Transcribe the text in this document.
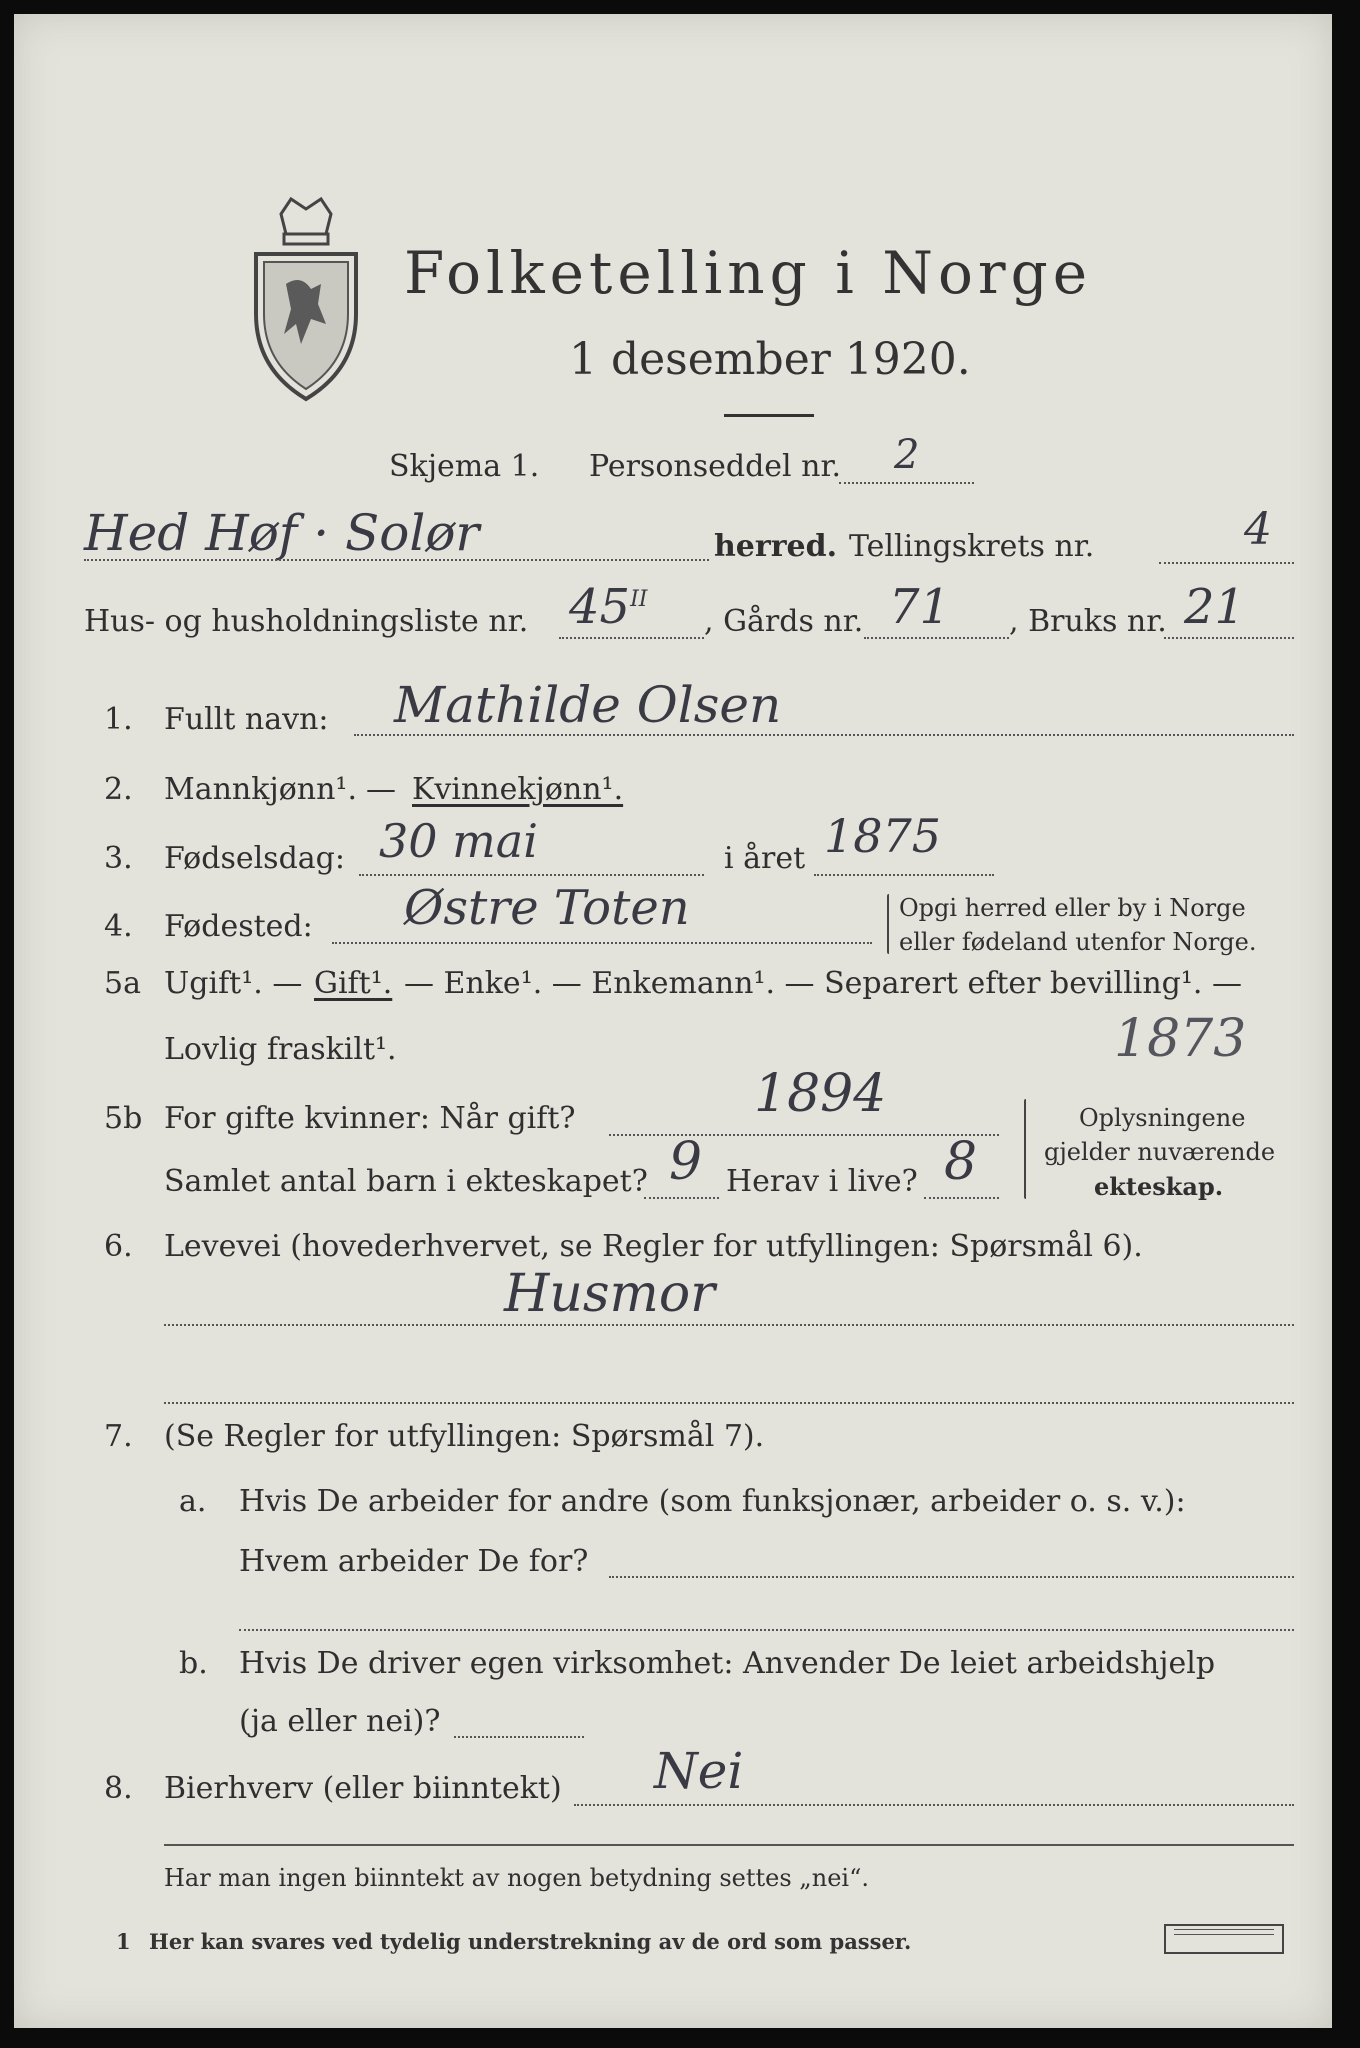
Folketelling i Norge
1 desember 1920.
Skjema 1. Personseddel nr. 2
Hed Høf · Solør	herred. Tellingskrets nr.	4
Hus- og husholdningsliste nr. $45^{II}$
, Gårds nr. 71 , Bruks nr. 21
1. Fullt navn: Mathilde Olsen
2. Mannkjønn¹. — Kvinnekjønn¹.
3. Fødselsdag: 30 mai	i året 1875
4. Fødested: Østre Toten	Opgi herred eller by i Norge
eller fødeland utenfor Norge.
5a Ugift¹. — Gift¹. — Enke¹. — Enkemann¹. — Separert efter bevilling¹. —
Lovlig fraskilt¹.	1873
5b For gifte kvinner: Når gift?	1894
Samlet antal barn i ekteskapet? 9 Herav i live? 8
Oplysningene
gjelder nuværende
ekteskap.
6. Levevei (hovederhvervet, se Regler for utfyllingen: Spørsmål 6).
Husmor
7. (Se Regler for utfyllingen: Spørsmål 7).
a. Hvis De arbeider for andre (som funksjonær, arbeider o. s. v.):
Hvem arbeider De for?
b. Hvis De driver egen virksomhet: Anvender De leiet arbeidshjelp
(ja eller nei)?
8. Bierhverv (eller biinntekt) Nei
Har man ingen biinntekt av nogen betydning settes „nei“.
1 Her kan svares ved tydelig understrekning av de ord som passer.
